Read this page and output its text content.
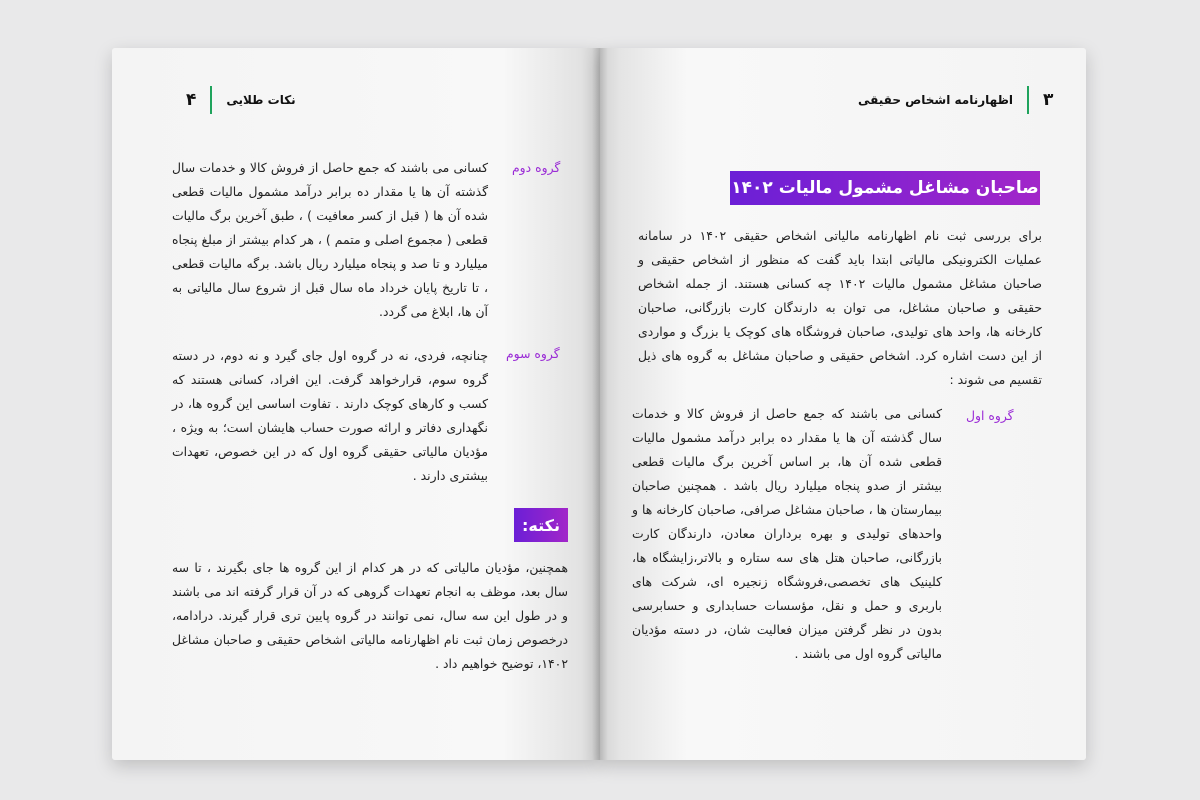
نکات طلایی
۴	۳
اظهارنامه اشخاص حقیقی
گروه دوم
کسانی می باشند که جمع حاصل از فروش کالا و خدمات سال گذشته آن ها یا مقدار ده برابر درآمد مشمول مالیات قطعی شده آن ها ( قبل از کسر معافیت ) ، طبق آخرین برگ مالیات قطعی ( مجموع اصلی و متمم ) ، هر کدام بیشتر از مبلغ پنجاه میلیارد و تا صد و پنجاه میلیارد ریال باشد. برگه مالیات قطعی ، تا تاریخ پایان خرداد ماه سال قبل از شروع سال مالیاتی به آن ها، ابلاغ می گردد.
گروه سوم
چنانچه، فردی، نه در گروه اول جای گیرد و نه دوم، در دسته گروه سوم، قرارخواهد گرفت. این افراد، کسانی هستند که کسب و کارهای کوچک دارند . تفاوت اساسی این گروه ها، در نگهداری دفاتر و ارائه صورت حساب هایشان است؛ به ویژه ، مؤدیان مالیاتی حقیقی گروه اول که در این خصوص، تعهدات بیشتری دارند .
نکته:
همچنین، مؤدیان مالیاتی که در هر کدام از این گروه ها جای بگیرند ، تا سه سال بعد، موظف به انجام تعهدات گروهی که در آن قرار گرفته اند می باشند و در طول این سه سال، نمی توانند در گروه پایین تری قرار گیرند. درادامه، درخصوص زمان ثبت نام اظهارنامه مالیاتی اشخاص حقیقی و صاحبان مشاغل ۱۴۰۲، توضیح خواهیم داد .
صاحبان مشاغل مشمول مالیات ۱۴۰۲
برای بررسی ثبت نام اظهارنامه مالیاتی اشخاص حقیقی ۱۴۰۲ در سامانه عملیات الکترونیکی مالیاتی ابتدا باید گفت که منظور از اشخاص حقیقی و صاحبان مشاغل مشمول مالیات ۱۴۰۲ چه کسانی هستند. از جمله اشخاص حقیقی و صاحبان مشاغل، می توان به دارندگان کارت بازرگانی، صاحبان کارخانه ها، واحد های تولیدی، صاحبان فروشگاه های کوچک یا بزرگ و مواردی از این دست اشاره کرد. اشخاص حقیقی و صاحبان مشاغل به گروه های ذیل تقسیم می شوند :
گروه اول
کسانی می باشند که جمع حاصل از فروش کالا و خدمات سال گذشته آن ها یا مقدار ده برابر درآمد مشمول مالیات قطعی شده آن ها، بر اساس آخرین برگ مالیات قطعی بیشتر از صدو پنجاه میلیارد ریال باشد . همچنین صاحبان بیمارستان ها ، صاحبان مشاغل صرافی، صاحبان کارخانه ها و واحدهای تولیدی و بهره برداران معادن، دارندگان کارت بازرگانی، صاحبان هتل های سه ستاره و بالاتر،زایشگاه ها، کلینیک های تخصصی،فروشگاه زنجیره ای، شرکت های باربری و حمل و نقل، مؤسسات حسابداری و حسابرسی بدون در نظر گرفتن میزان فعالیت شان، در دسته مؤدیان مالیاتی گروه اول می باشند .
